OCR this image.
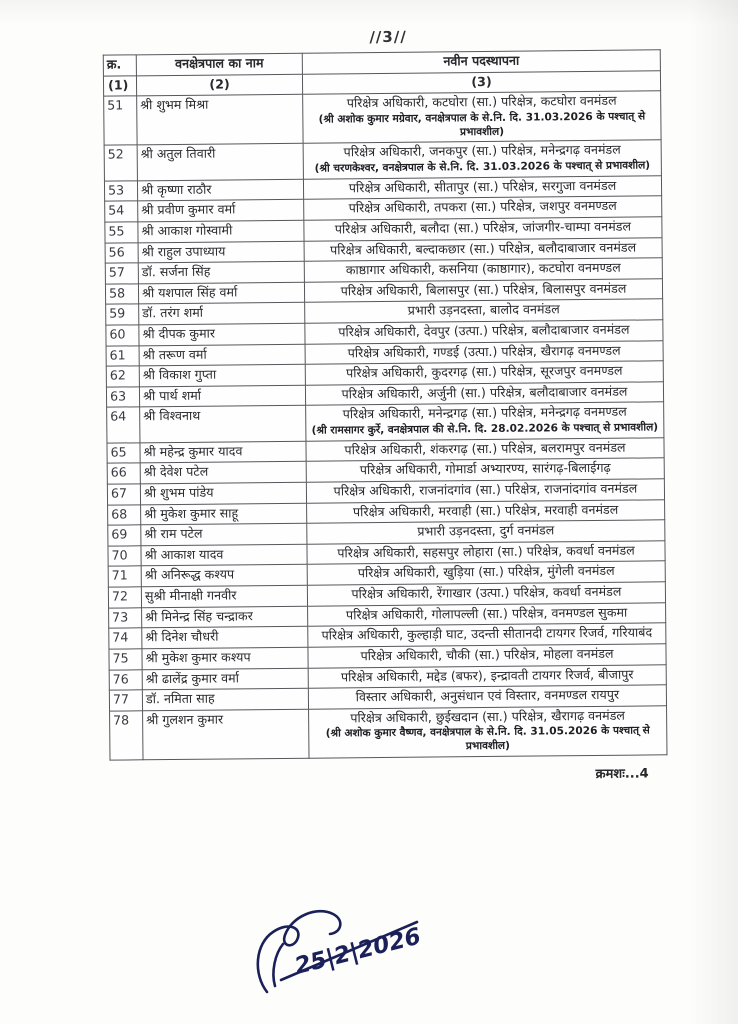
//3//
क्र.	वनक्षेत्रपाल का नाम	नवीन पदस्थापना
(1)	(2)	(3)
51	श्री शुभम मिश्रा	परिक्षेत्र अधिकारी, कटघोरा (सा.) परिक्षेत्र, कटघोरा वनमंडल
(श्री अशोक कुमार मग्रेवार, वनक्षेत्रपाल के से.नि. दि. 31.03.2026 के पश्चात् से प्रभावशील)

52	श्री अतुल तिवारी	परिक्षेत्र अधिकारी, जनकपुर (सा.) परिक्षेत्र, मनेन्द्रगढ़ वनमंडल
(श्री चरणकेश्वर, वनक्षेत्रपाल के से.नि. दि. 31.03.2026 के पश्चात् से प्रभावशील)

53	श्री कृष्णा राठौर	परिक्षेत्र अधिकारी, सीतापुर (सा.) परिक्षेत्र, सरगुजा वनमंडल
54	श्री प्रवीण कुमार वर्मा	परिक्षेत्र अधिकारी, तपकरा (सा.) परिक्षेत्र, जशपुर वनमण्डल
55	श्री आकाश गोस्वामी	परिक्षेत्र अधिकारी, बलौदा (सा.) परिक्षेत्र, जांजगीर-चाम्पा वनमंडल
56	श्री राहुल उपाध्याय	परिक्षेत्र अधिकारी, बल्दाकछार (सा.) परिक्षेत्र, बलौदाबाजार वनमंडल
57	डॉ. सर्जना सिंह	काष्ठागार अधिकारी, कसनिया (काष्ठागार), कटघोरा वनमण्डल
58	श्री यशपाल सिंह वर्मा	परिक्षेत्र अधिकारी, बिलासपुर (सा.) परिक्षेत्र, बिलासपुर वनमंडल
59	डॉ. तरंग शर्मा	प्रभारी उड़नदस्ता, बालोद वनमंडल
60	श्री दीपक कुमार	परिक्षेत्र अधिकारी, देवपुर (उत्पा.) परिक्षेत्र, बलौदाबाजार वनमंडल
61	श्री तरूण वर्मा	परिक्षेत्र अधिकारी, गण्डई (उत्पा.) परिक्षेत्र, खैरागढ़ वनमण्डल
62	श्री विकाश गुप्ता	परिक्षेत्र अधिकारी, कुदरगढ़ (सा.) परिक्षेत्र, सूरजपुर वनमण्डल
63	श्री पार्थ शर्मा	परिक्षेत्र अधिकारी, अर्जुनी (सा.) परिक्षेत्र, बलौदाबाजार वनमंडल
64	श्री विश्वनाथ	परिक्षेत्र अधिकारी, मनेन्द्रगढ़ (सा.) परिक्षेत्र, मनेन्द्रगढ़ वनमण्डल
(श्री रामसागर कुर्रे, वनक्षेत्रपाल की से.नि. दि. 28.02.2026 के पश्चात् से प्रभावशील)

65	श्री महेन्द्र कुमार यादव	परिक्षेत्र अधिकारी, शंकरगढ़ (सा.) परिक्षेत्र, बलरामपुर वनमंडल
66	श्री देवेश पटेल	परिक्षेत्र अधिकारी, गोमार्डा अभ्यारण्य, सारंगढ़-बिलाईगढ़
67	श्री शुभम पांडेय	परिक्षेत्र अधिकारी, राजनांदगांव (सा.) परिक्षेत्र, राजनांदगांव वनमंडल
68	श्री मुकेश कुमार साहू	परिक्षेत्र अधिकारी, मरवाही (सा.) परिक्षेत्र, मरवाही वनमंडल
69	श्री राम पटेल	प्रभारी उड़नदस्ता, दुर्ग वनमंडल
70	श्री आकाश यादव	परिक्षेत्र अधिकारी, सहसपुर लोहारा (सा.) परिक्षेत्र, कवर्धा वनमंडल
71	श्री अनिरूद्ध कश्यप	परिक्षेत्र अधिकारी, खुड़िया (सा.) परिक्षेत्र, मुंगेली वनमंडल
72	सुश्री मीनाक्षी गनवीर	परिक्षेत्र अधिकारी, रेंगाखार (उत्पा.) परिक्षेत्र, कवर्धा वनमंडल
73	श्री मिनेन्द्र सिंह चन्द्राकर	परिक्षेत्र अधिकारी, गोलापल्ली (सा.) परिक्षेत्र, वनमण्डल सुकमा
74	श्री दिनेश चौधरी	परिक्षेत्र अधिकारी, कुल्हाड़ी घाट, उदन्ती सीतानदी टायगर रिजर्व, गरियाबंद
75	श्री मुकेश कुमार कश्यप	परिक्षेत्र अधिकारी, चौकी (सा.) परिक्षेत्र, मोहला वनमंडल
76	श्री ढालेंद्र कुमार वर्मा	परिक्षेत्र अधिकारी, मद्देड (बफर), इन्द्रावती टायगर रिजर्व, बीजापुर
77	डॉ. नमिता साह	विस्तार अधिकारी, अनुसंधान एवं विस्तार, वनमण्डल रायपुर
78	श्री गुलशन कुमार	परिक्षेत्र अधिकारी, छुईखदान (सा.) परिक्षेत्र, खैरागढ़ वनमंडल
(श्री अशोक कुमार वैष्णव, वनक्षेत्रपाल के से.नि. दि. 31.05.2026 के पश्चात् से प्रभावशील)
क्रमशः...4
25|2|2026
